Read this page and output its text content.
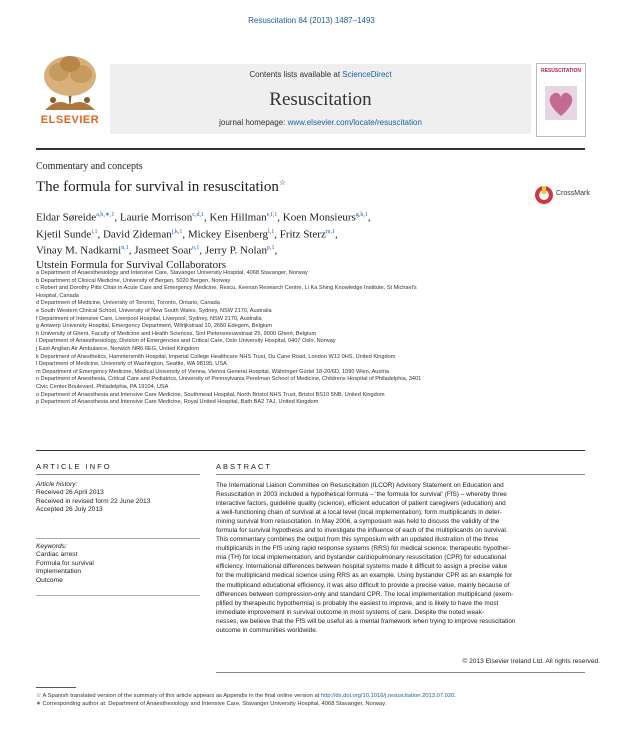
Resuscitation 84 (2013) 1487–1493
ELSEVIER
Contents lists available at ScienceDirect
Resuscitation
journal homepage: www.elsevier.com/locate/resuscitation
RESUSCITATION
Commentary and concepts
The formula for survival in resuscitation☆
CrossMark
Eldar Søreide$^{a,b,∗,1}$, Laurie Morrison$^{c,d,1}$, Ken Hillman$^{e,f,1}$, Koen Monsieurs$^{g,h,1}$,
Kjetil Sunde$^{i,1}$, David Zideman$^{j,k,1}$, Mickey Eisenberg$^{l,1}$, Fritz Sterz$^{m,1}$,
Vinay M. Nadkarni$^{n,1}$, Jasmeet Soar$^{o,1}$, Jerry P. Nolan$^{p,1}$,
Utstein Formula for Survival Collaborators
a Department of Anaesthesiology and Intensive Care, Stavanger University Hospital, 4068 Stavanger, Norway
b Department of Clinical Medicine, University of Bergen, 5020 Bergen, Norway
c Robert and Dorothy Pitts Chair in Acute Care and Emergency Medicine, Rescu, Keenan Research Centre, Li Ka Shing Knowledge Institute, St Michael's
Hospital, Canada
d Department of Medicine, University of Toronto, Toronto, Ontario, Canada
e South Western Clinical School, University of New South Wales, Sydney, NSW 2170, Australia
f Department of Intensive Care, Liverpool Hospital, Liverpool, Sydney, NSW 2170, Australia
g Antwerp University Hospital, Emergency Department, Wilrijkstraat 10, 2650 Edegem, Belgium
h University of Ghent, Faculty of Medicine and Health Sciences, Sint Pietersnieuwstraat 25, 9000 Ghent, Belgium
i Department of Anaesthesiology, Division of Emergencies and Critical Care, Oslo University Hospital, 0407 Oslo, Norway
j East Anglian Air Ambulance, Norwich NR6 6EG, United Kingdom
k Department of Anesthetics, Hammersmith Hospital, Imperial College Healthcare NHS Trust, Du Cane Road, London W12 0HS, United Kingdom
l Department of Medicine, University of Washington, Seattle, WA 98195, USA
m Department of Emergency Medicine, Medical University of Vienna, Vienna General Hospital, Währinger Gürtel 18-20/6D, 1090 Wien, Austria
n Department of Anesthesia, Critical Care and Pediatrics, University of Pennsylvania Perelman School of Medicine, Childrens Hospital of Philadelphia, 3401
Civic Center Boulevard, Philadelphia, PA 19104, USA
o Department of Anaesthesia and Intensive Care Medicine, Southmead Hospital, North Bristol NHS Trust, Bristol BS10 5NB, United Kingdom
p Department of Anaesthesia and Intensive Care Medicine, Royal United Hospital, Bath BA2 7AJ, United Kingdom
ARTICLE INFO	ABSTRACT
Article history:
Received 26 April 2013
Received in revised form 22 June 2013
Accepted 26 July 2013
Keywords:
Cardiac arrest
Formula for survival
Implementation
Outcome
The International Liaison Committee on Resuscitation (ILCOR) Advisory Statement on Education and
Resuscitation in 2003 included a hypothetical formula – 'the formula for survival' (FfS) – whereby three
interactive factors, guideline quality (science), efficient education of patient caregivers (education) and
a well-functioning chain of survival at a local level (local implementation), form multiplicands in deter-
mining survival from resuscitation. In May 2006, a symposium was held to discuss the validity of the
formula for survival hypothesis and to investigate the influence of each of the multiplicands on survival.
This commentary combines the output from this symposium with an updated illustration of the three
multiplicands in the FfS using rapid response systems (RRS) for medical science, therapeutic hypother-
mia (TH) for local implementation, and bystander cardiopulmonary resuscitation (CPR) for educational
efficiency. International differences between hospital systems made it difficult to assign a precise value
for the multiplicand medical science using RRS as an example. Using bystander CPR as an example for
the multiplicand educational efficiency, it was also difficult to provide a precise value, mainly because of
differences between compression-only and standard CPR. The local implementation multiplicand (exem-
plified by therapeutic hypothermia) is probably the easiest to improve, and is likely to have the most
immediate improvement in survival outcome in most systems of care. Despite the noted weak-
nesses, we believe that the FfS will be useful as a mental framework when trying to improve resuscitation
outcome in communities worldwide.
© 2013 Elsevier Ireland Ltd. All rights reserved.
☆ A Spanish translated version of the summary of this article appears as Appendix in the final online version at http://dx.doi.org/10.1016/j.resuscitation.2013.07.020.
∗ Corresponding author at: Department of Anaesthesiology and Intensive Care, Stavanger University Hospital, 4068 Stavanger, Norway.
